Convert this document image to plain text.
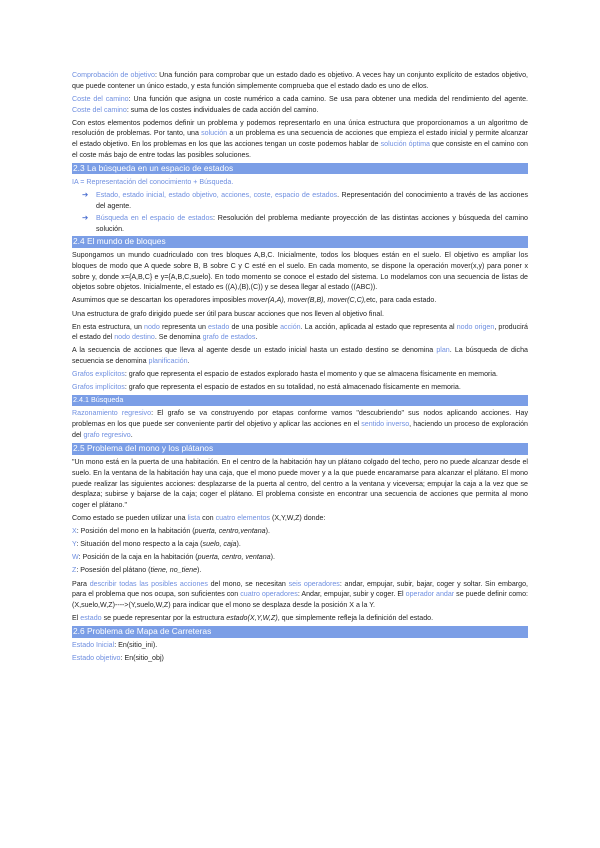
Comprobación de objetivo: Una función para comprobar que un estado dado es objetivo. A veces hay un conjunto explícito de estados objetivo, que puede contener un único estado, y esta función simplemente comprueba que el estado dado es uno de ellos.

Coste del camino: Una función que asigna un coste numérico a cada camino. Se usa para obtener una medida del rendimiento del agente. Coste del camino: suma de los costes individuales de cada acción del camino.

Con estos elementos podemos definir un problema y podemos representarlo en una única estructura que proporcionamos a un algoritmo de resolución de problemas. Por tanto, una solución a un problema es una secuencia de acciones que empieza el estado inicial y permite alcanzar el estado objetivo. En los problemas en los que las acciones tengan un coste podemos hablar de solución óptima que consiste en el camino con el coste más bajo de entre todas las posibles soluciones.

2.3 La búsqueda en un espacio de estados

IA = Representación del conocimiento + Búsqueda.

➔	Estado, estado inicial, estado objetivo, acciones, coste, espacio de estados. Representación del conocimiento a través de las acciones del agente.
➔	Búsqueda en el espacio de estados: Resolución del problema mediante proyección de las distintas acciones y búsqueda del camino solución.
2.4 El mundo de bloques

Supongamos un mundo cuadriculado con tres bloques A,B,C. Inicialmente, todos los bloques están en el suelo. El objetivo es ampliar los bloques de modo que A quede sobre B, B sobre C y C esté en el suelo. En cada momento, se dispone la operación mover(x,y) para poner x sobre y, donde x={A,B,C} e y={A,B,C,suelo}. En todo momento se conoce el estado del sistema. Lo modelamos con una secuencia de listas de objetos sobre objetos. Inicialmente, el estado es ((A),(B),(C)) y se desea llegar al estado ((ABC)).

Asumimos que se descartan los operadores imposibles mover(A,A), mover(B,B), mover(C,C),etc, para cada estado.

Una estructura de grafo dirigido puede ser útil para buscar acciones que nos lleven al objetivo final.

En esta estructura, un nodo representa un estado de una posible acción. La acción, aplicada al estado que representa al nodo origen, producirá el estado del nodo destino. Se denomina grafo de estados.

A la secuencia de acciones que lleva al agente desde un estado inicial hasta un estado destino se denomina plan. La búsqueda de dicha secuencia se denomina planificación.

Grafos explícitos: grafo que representa el espacio de estados explorado hasta el momento y que se almacena físicamente en memoria.

Grafos implícitos: grafo que representa el espacio de estados en su totalidad, no está almacenado físicamente en memoria.

2.4.1 Búsqueda

Razonamiento regresivo: El grafo se va construyendo por etapas conforme vamos "descubriendo" sus nodos aplicando acciones. Hay problemas en los que puede ser conveniente partir del objetivo y aplicar las acciones en el sentido inverso, haciendo un proceso de exploración del grafo regresivo.

2.5 Problema del mono y los plátanos

"Un mono está en la puerta de una habitación. En el centro de la habitación hay un plátano colgado del techo, pero no puede alcanzar desde el suelo. En la ventana de la habitación hay una caja, que el mono puede mover y a la que puede encaramarse para alcanzar el plátano. El mono puede realizar las siguientes acciones: desplazarse de la puerta al centro, del centro a la ventana y viceversa; empujar la caja a la vez que se desplaza; subirse y bajarse de la caja; coger el plátano. El problema consiste en encontrar una secuencia de acciones que permita al mono coger el plátano."

Como estado se pueden utilizar una lista con cuatro elementos (X,Y,W,Z) donde:

X: Posición del mono en la habitación (puerta, centro,ventana).

Y: Situación del mono respecto a la caja (suelo, caja).

W: Posición de la caja en la habitación (puerta, centro, ventana).

Z: Posesión del plátano (tiene, no_tiene).

Para describir todas las posibles acciones del mono, se necesitan seis operadores: andar, empujar, subir, bajar, coger y soltar. Sin embargo, para el problema que nos ocupa, son suficientes con cuatro operadores: Andar, empujar, subir y coger. El operador andar se puede definir como: (X,suelo,W,Z)---->(Y,suelo,W,Z) para indicar que el mono se desplaza desde la posición X a la Y.

El estado se puede representar por la estructura estado(X,Y,W,Z), que simplemente refleja la definición del estado.

2.6 Problema de Mapa de Carreteras

Estado Inicial: En(sitio_ini).

Estado objetivo: En(sitio_obj)
